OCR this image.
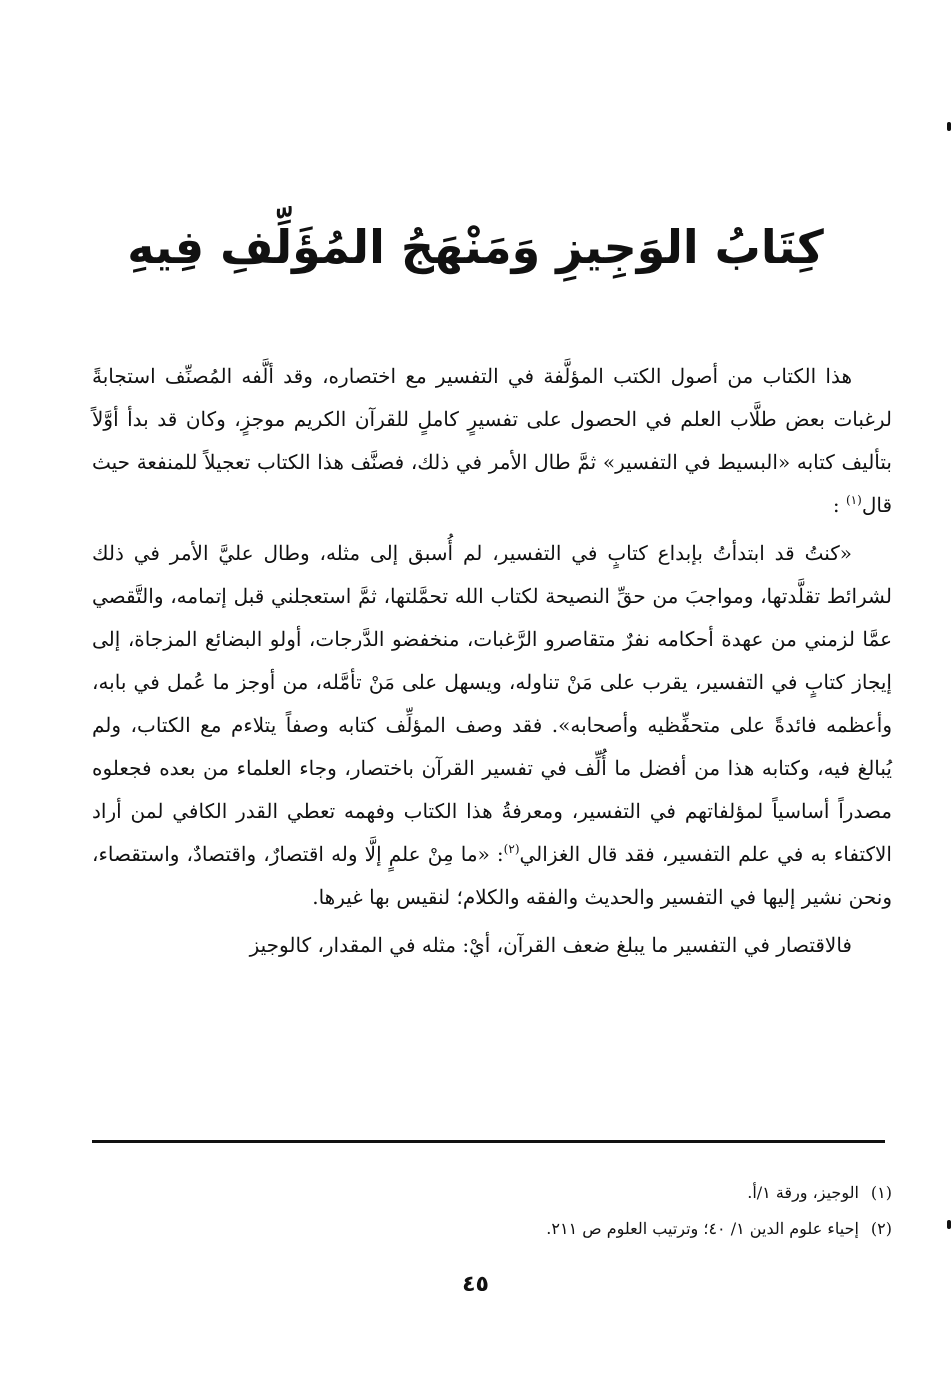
كِتَابُ الوَجِيزِ وَمَنْهَجُ المُؤَلِّفِ فِيهِ

هذا الكتاب من أصول الكتب المؤلَّفة في التفسير مع اختصاره، وقد ألَّفه المُصنِّف استجابةً لرغبات بعض طلَّاب العلم في الحصول على تفسيرٍ كاملٍ للقرآن الكريم موجزٍ، وكان قد بدأ أوَّلاً بتأليف كتابه «البسيط في التفسير» ثمَّ طال الأمر في ذلك، فصنَّف هذا الكتاب تعجيلاً للمنفعة حيث قال$^{(١)}$ :

«كنتُ قد ابتدأتُ بإبداع كتابٍ في التفسير، لم أُسبق إلى مثله، وطال عليَّ الأمر في ذلك لشرائط تقلَّدتها، ومواجبَ من حقِّ النصيحة لكتاب الله تحمَّلتها، ثمَّ استعجلني قبل إتمامه، والتَّقصي عمَّا لزمني من عهدة أحكامه نفرٌ متقاصرو الرَّغبات، منخفضو الدَّرجات، أولو البضائع المزجاة، إلى إيجاز كتابٍ في التفسير، يقرب على مَنْ تناوله، ويسهل على مَنْ تأمَّله، من أوجز ما عُمل في بابه، وأعظمه فائدةً على متحفِّظيه وأصحابه». فقد وصف المؤلِّف كتابه وصفاً يتلاءم مع الكتاب، ولم يُبالغ فيه، وكتابه هذا من أفضل ما أُلِّف في تفسير القرآن باختصار، وجاء العلماء من بعده فجعلوه مصدراً أساسياً لمؤلفاتهم في التفسير، ومعرفةُ هذا الكتاب وفهمه تعطي القدر الكافي لمن أراد الاكتفاء به في علم التفسير، فقد قال الغزالي$^{(٢)}$: «ما مِنْ علمٍ إلَّا وله اقتصارٌ، واقتصادٌ، واستقصاء، ونحن نشير إليها في التفسير والحديث والفقه والكلام؛ لنقيس بها غيرها.

فالاقتصار في التفسير ما يبلغ ضعف القرآن، أيْ: مثله في المقدار، كالوجيز

(١)الوجيز، ورقة ١/أ.

(٢)إحياء علوم الدين ١/ ٤٠؛ وترتيب العلوم ص ٢١١.

٤٥
